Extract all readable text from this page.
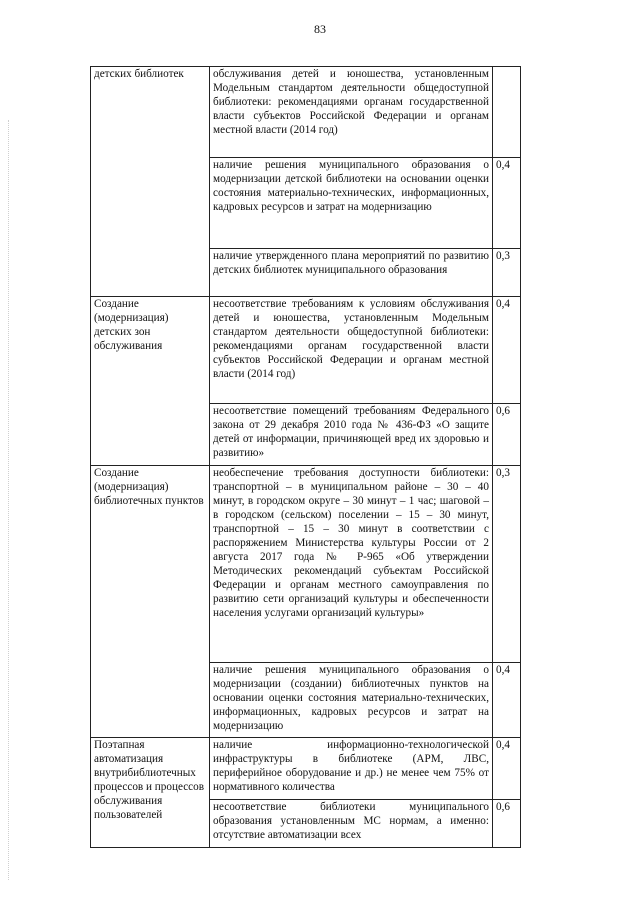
83
детских библиотек	обслуживания детей и юношества, установленным Модельным стандартом деятельности общедоступной библиотеки: рекомендациями органам государственной власти субъектов Российской Федерации и органам местной власти (2014 год)	
	наличие решения муниципального образования о модернизации детской библиотеки на основании оценки состояния материально-технических, информационных, кадровых ресурсов и затрат на модернизацию	0,4
	наличие утвержденного плана мероприятий по развитию детских библиотек муниципального образования	0,3
Создание (модернизация) детских зон обслуживания	несоответствие требованиям к условиям обслуживания детей и юношества, установленным Модельным стандартом деятельности общедоступной библиотеки: рекомендациями органам государственной власти субъектов Российской Федерации и органам местной власти (2014 год)	0,4
	несоответствие помещений требованиям Федерального закона от 29 декабря 2010 года № 436-ФЗ «О защите детей от информации, причиняющей вред их здоровью и развитию»	0,6
Создание (модернизация) библиотечных пунктов	необеспечение требования доступности библиотеки: транспортной – в муниципальном районе – 30 – 40 минут, в городском округе – 30 минут – 1 час; шаговой – в городском (сельском) поселении – 15 – 30 минут, транспортной – 15 – 30 минут в соответствии с распоряжением Министерства культуры России от 2 августа 2017 года № Р-965 «Об утверждении Методических рекомендаций субъектам Российской Федерации и органам местного самоуправления по развитию сети организаций культуры и обеспеченности населения услугами организаций культуры»	0,3
	наличие решения муниципального образования о модернизации (создании) библиотечных пунктов на основании оценки состояния материально-технических, информационных, кадровых ресурсов и затрат на модернизацию	0,4
Поэтапная автоматизация внутрибиблиотечных процессов и процессов обслуживания пользователей	наличие информационно-технологической инфраструктуры в библиотеке (АРМ, ЛВС, периферийное оборудование и др.) не менее чем 75% от нормативного количества	0,4
	несоответствие библиотеки муниципального образования установленным МС нормам, а именно: отсутствие автоматизации всех	0,6
